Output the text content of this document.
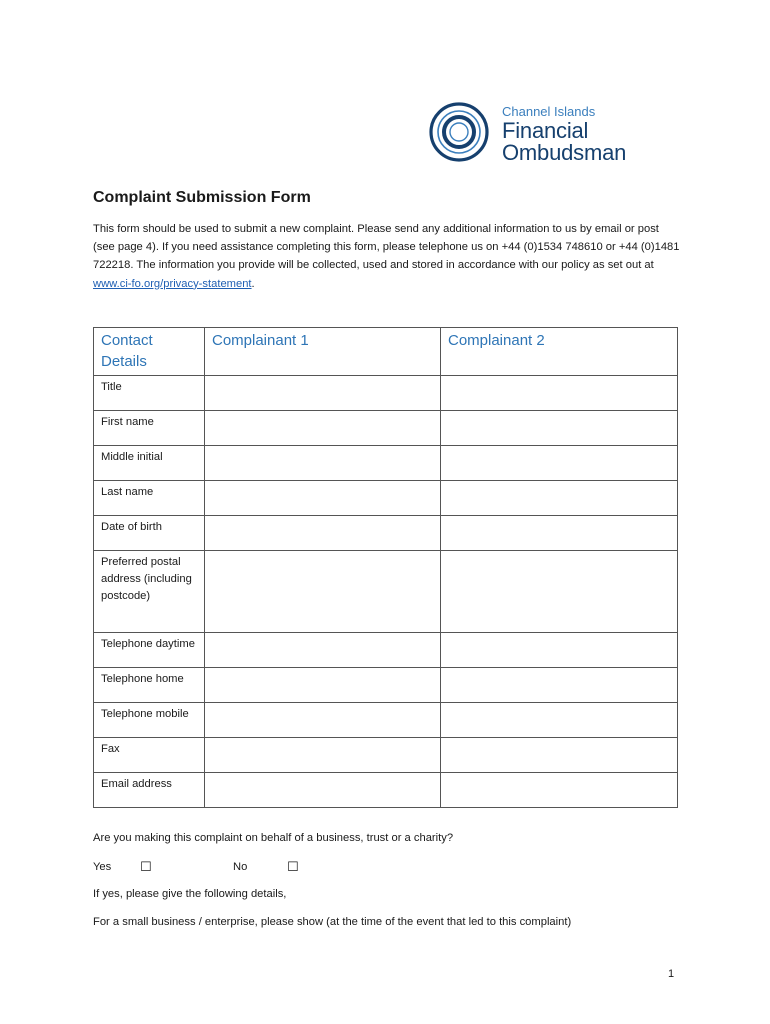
Channel Islands
Financial
Ombudsman
Complaint Submission Form

This form should be used to submit a new complaint. Please send any additional information to us by email or post (see page 4). If you need assistance completing this form, please telephone us on +44 (0)1534 748610 or +44 (0)1481 722218. The information you provide will be collected, used and stored in accordance with our policy as set out at www.ci-fo.org/privacy-statement.

Contact Details	Complainant 1	Complainant 2
Title		
First name		
Middle initial		
Last name		
Date of birth		
Preferred postal address (including postcode)		
Telephone daytime		
Telephone home		
Telephone mobile		
Fax		
Email address		
Are you making this complaint on behalf of a business, trust or a charity?
Yes ☐	No	☐
If yes, please give the following details,
For a small business / enterprise, please show (at the time of the event that led to this complaint)
1
